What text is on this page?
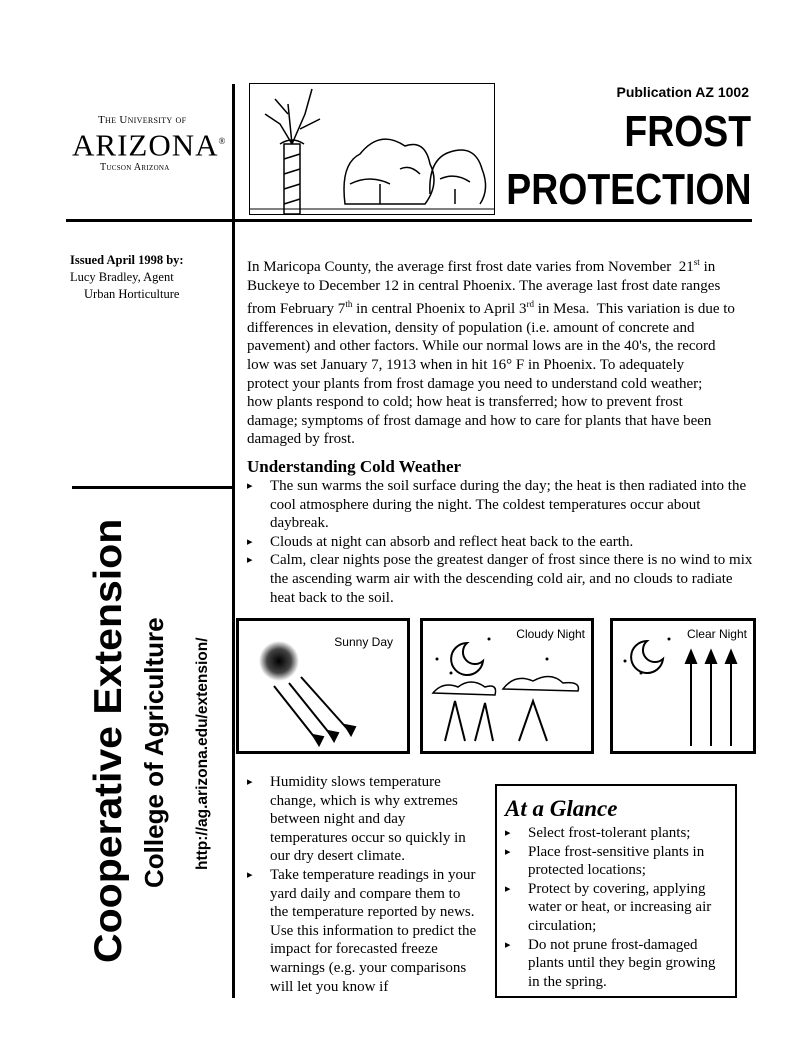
The University of
ARIZONA®
Tucson Arizona
Publication AZ 1002
FROST
PROTECTION
Issued April 1998 by:
Lucy Bradley, Agent
Urban Horticulture
Cooperative Extension College of Agriculture http://ag.arizona.edu/extension/
In Maricopa County, the average first frost date varies from November  21st in
Buckeye to December 12 in central Phoenix. The average last frost date ranges
from February 7th in central Phoenix to April 3rd in Mesa.  This variation is due to
differences in elevation, density of population (i.e. amount of concrete and
pavement) and other factors. While our normal lows are in the 40's, the record
low was set January 7, 1913 when in hit 16° F in Phoenix. To adequately
protect your plants from frost damage you need to understand cold weather;
how plants respond to cold; how heat is transferred; how to prevent frost
damage; symptoms of frost damage and how to care for plants that have been
damaged by frost.
Understanding Cold Weather
▸ The sun warms the soil surface during the day; the heat is then radiated into the cool atmosphere during the night. The coldest temperatures occur about daybreak.
▸ Clouds at night can absorb and reflect heat back to the earth.
▸ Calm, clear nights pose the greatest danger of frost since there is no wind to mix the ascending warm air with the descending cold air, and no clouds to radiate heat back to the soil.
Sunny Day
Cloudy Night	Clear Night
▸ Humidity slows temperature change, which is why extremes between night and day temperatures occur so quickly in our dry desert climate.
▸ Take temperature readings in your yard daily and compare them to the temperature reported by news. Use this information to predict the impact for forecasted freeze warnings (e.g. your comparisons will let you know if
At a Glance
▸ Select frost-tolerant plants;
▸ Place frost-sensitive plants in protected locations;
▸ Protect by covering, applying water or heat, or increasing air circulation;
▸ Do not prune frost-damaged plants until they begin growing in the spring.
